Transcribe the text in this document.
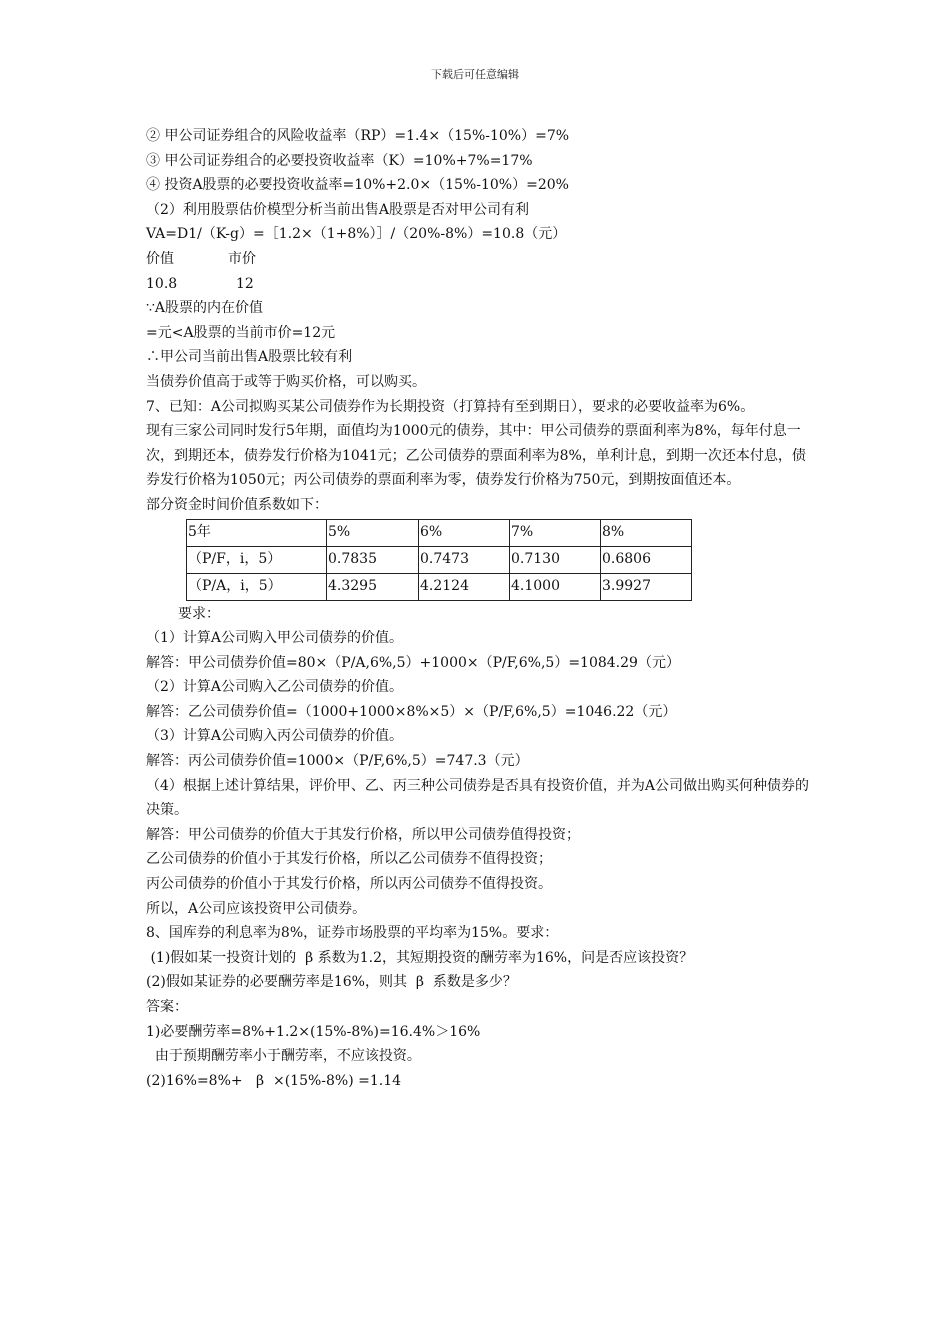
下载后可任意编辑

② 甲公司证券组合的风险收益率（RP）=1.4×（15%-10%）=7%

③ 甲公司证券组合的必要投资收益率（K）=10%+7%=17%

④ 投资A股票的必要投资收益率=10%+2.0×（15%-10%）=20%

（2）利用股票估价模型分析当前出售A股票是否对甲公司有利

VA=D1/（K-g）=［1.2×（1+8%）］/（20%-8%）=10.8（元）

价值	市价

10.8	12

∵A股票的内在价值

=元<A股票的当前市价=12元

∴甲公司当前出售A股票比较有利

当债券价值高于或等于购买价格，可以购买。

7、已知：A公司拟购买某公司债券作为长期投资（打算持有至到期日），要求的必要收益率为6%。

现有三家公司同时发行5年期，面值均为1000元的债券，其中：甲公司债券的票面利率为8%，每年付息一次，到期还本，债券发行价格为1041元；乙公司债券的票面利率为8%，单利计息，到期一次还本付息，债券发行价格为1050元；丙公司债券的票面利率为零，债券发行价格为750元，到期按面值还本。

部分资金时间价值系数如下：

5年	5%	6%	7%	8%
（P/F，i，5）	0.7835	0.7473	0.7130	0.6806
（P/A，i，5）	4.3295	4.2124	4.1000	3.9927

要求：

（1）计算A公司购入甲公司债券的价值。

解答：甲公司债券价值=80×（P/A,6%,5）+1000×（P/F,6%,5）=1084.29（元）

（2）计算A公司购入乙公司债券的价值。

解答：乙公司债券价值=（1000+1000×8%×5）×（P/F,6%,5）=1046.22（元）

（3）计算A公司购入丙公司债券的价值。

解答：丙公司债券价值=1000×（P/F,6%,5）=747.3（元）

（4）根据上述计算结果，评价甲、乙、丙三种公司债券是否具有投资价值，并为A公司做出购买何种债券的决策。

解答：甲公司债券的价值大于其发行价格，所以甲公司债券值得投资；

乙公司债券的价值小于其发行价格，所以乙公司债券不值得投资；

丙公司债券的价值小于其发行价格，所以丙公司债券不值得投资。

所以，A公司应该投资甲公司债券。

8、国库券的利息率为8%，证券市场股票的平均率为15%。要求：

(1)假如某一投资计划的  β 系数为1.2，其短期投资的酬劳率为16%，问是否应该投资？

(2)假如某证券的必要酬劳率是16%，则其  β  系数是多少？

答案：

1)必要酬劳率=8%+1.2×(15%-8%)=16.4%＞16%

由于预期酬劳率小于酬劳率，不应该投资。

(2)16%=8%+   β  ×(15%-8%) =1.14
